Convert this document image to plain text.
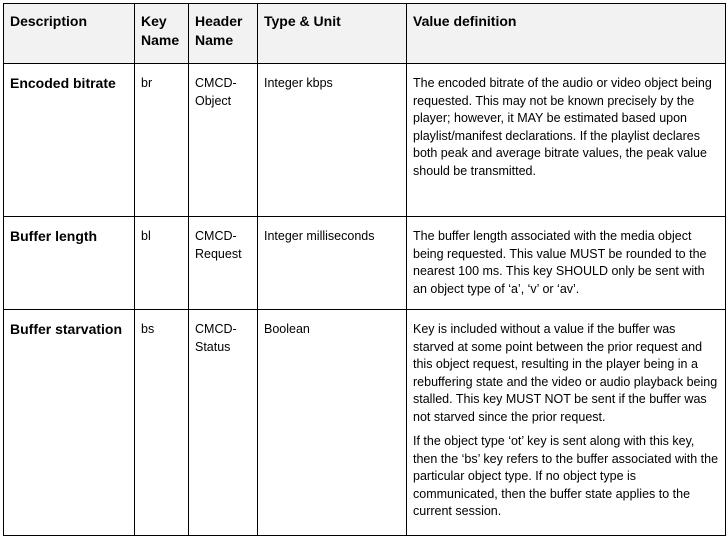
Description	Key Name	Header Name	Type & Unit	Value definition
Encoded bitrate	br	CMCD-Object	Integer kbps	The encoded bitrate of the audio or video object being requested. This may not be known precisely by the player; however, it MAY be estimated based upon playlist/manifest declarations. If the playlist declares both peak and average bitrate values, the peak value should be transmitted.

Buffer length	bl	CMCD-Request	Integer milliseconds	The buffer length associated with the media object being requested. This value MUST be rounded to the nearest 100 ms. This key SHOULD only be sent with an object type of ‘a’, ‘v’ or ‘av’.

Buffer starvation	bs	CMCD-Status	Boolean	Key is included without a value if the buffer was starved at some point between the prior request and this object request, resulting in the player being in a rebuffering state and the video or audio playback being stalled. This key MUST NOT be sent if the buffer was not starved since the prior request.

If the object type ‘ot’ key is sent along with this key, then the ‘bs’ key refers to the buffer associated with the particular object type. If no object type is communicated, then the buffer state applies to the current session.
